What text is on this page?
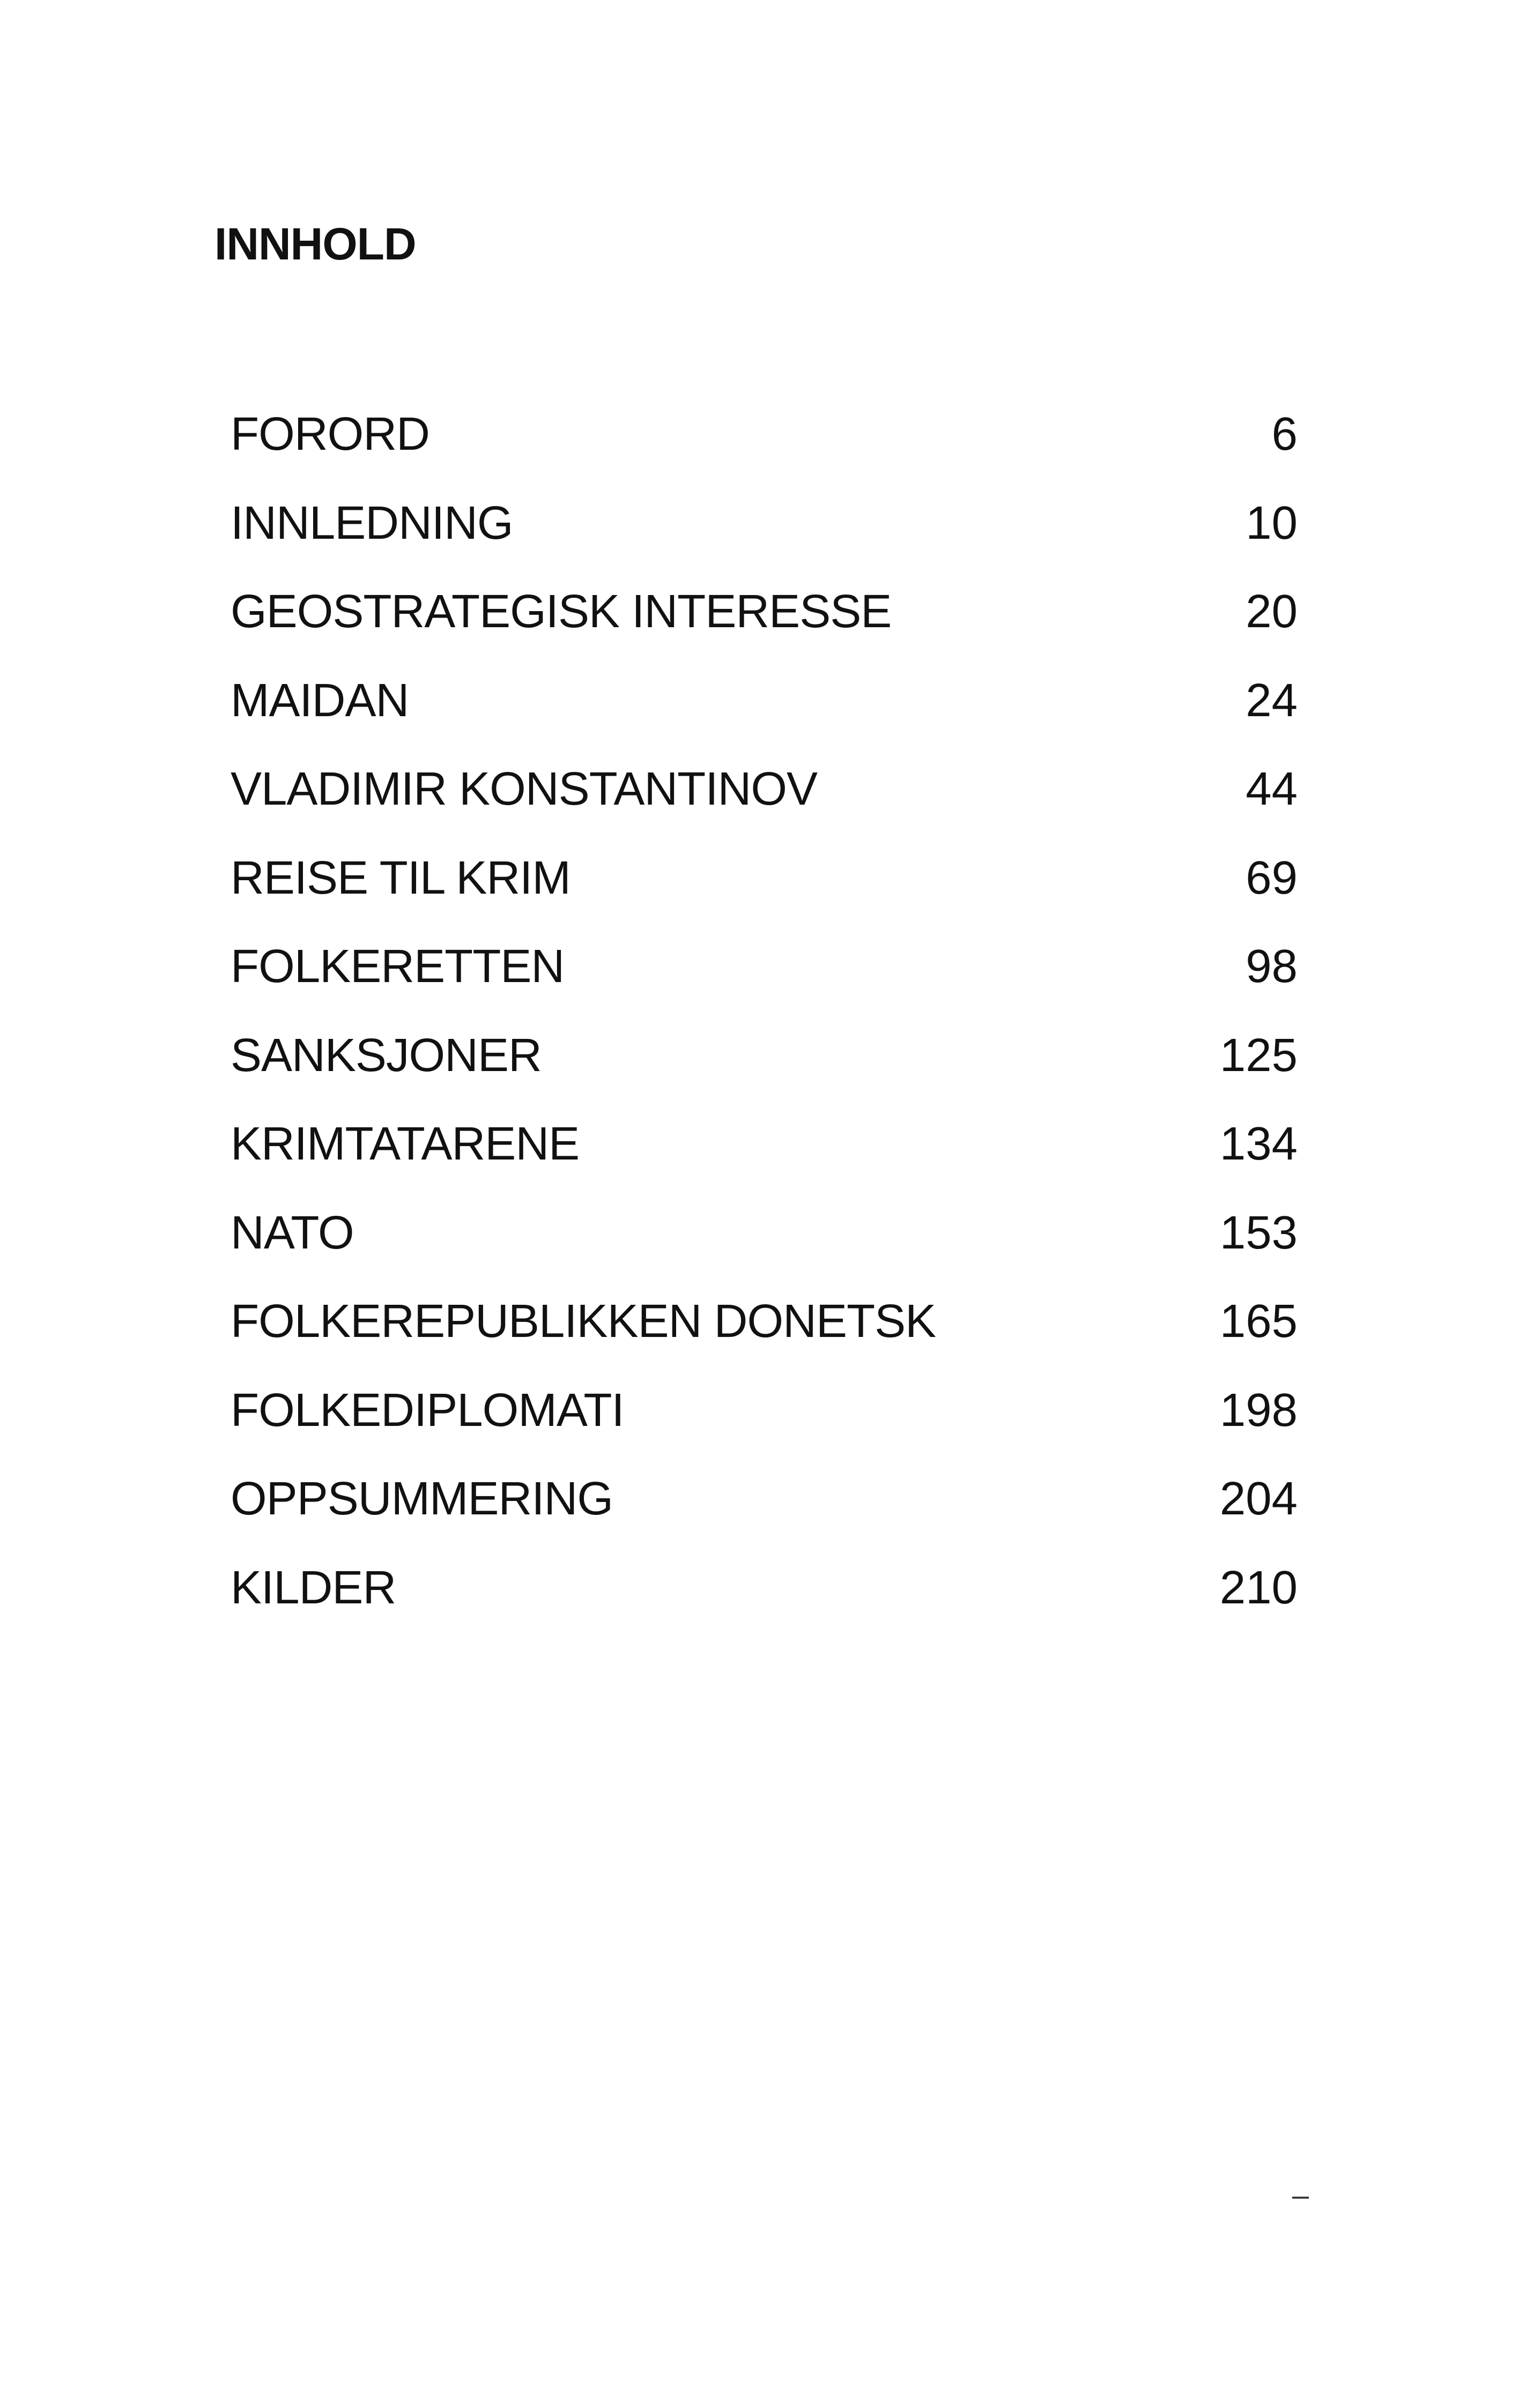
INNHOLD
FORORD	6
INNLEDNING	10
GEOSTRATEGISK INTERESSE	20
MAIDAN	24
VLADIMIR KONSTANTINOV	44
REISE TIL KRIM	69
FOLKERETTEN	98
SANKSJONER	125
KRIMTATARENE	134
NATO	153
FOLKEREPUBLIKKEN DONETSK	165
FOLKEDIPLOMATI	198
OPPSUMMERING	204
KILDER	210
–
